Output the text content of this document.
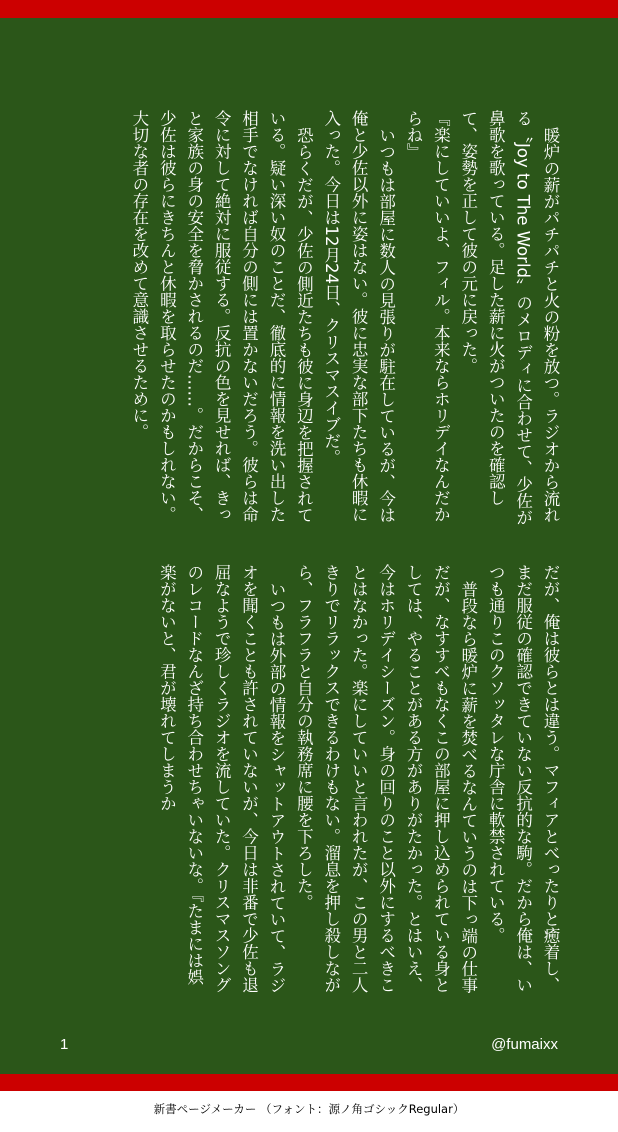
暖炉の薪がパチパチと火の粉を放つ。ラジオから流れる〝Joy to The World〟のメロディに合わせて、少佐が鼻歌を歌っている。足した薪に火がついたのを確認して、姿勢を正して彼の元に戻った。

『楽にしていいよ、フィル。本来ならホリデイなんだからね』

いつもは部屋に数人の見張りが駐在しているが、今は俺と少佐以外に姿はない。彼に忠実な部下たちも休暇に入った。今日は12月24日、クリスマスイブだ。

恐らくだが、少佐の側近たちも彼に身辺を把握されている。疑い深い奴のことだ、徹底的に情報を洗い出した相手でなければ自分の側には置かないだろう。彼らは命令に対して絶対に服従する。反抗の色を見せれば、きっと家族の身の安全を脅かされるのだ……。だからこそ、少佐は彼らにきちんと休暇を取らせたのかもしれない。大切な者の存在を改めて意識させるために。

だが、俺は彼らとは違う。マフィアとべったりと癒着し、まだ服従の確認できていない反抗的な駒。だから俺は、いつも通りこのクソッタレな庁舎に軟禁されている。

普段なら暖炉に薪を焚べるなんていうのは下っ端の仕事だが、なすすべもなくこの部屋に押し込められている身としては、やることがある方がありがたかった。とはいえ、今はホリデイシーズン。身の回りのこと以外にするべきことはなかった。楽にしていいと言われたが、この男と二人きりでリラックスできるわけもない。溜息を押し殺しながら、フラフラと自分の執務席に腰を下ろした。

いつもは外部の情報をシャットアウトされていて、ラジオを聞くことも許されていないが、今日は非番で少佐も退屈なようで珍しくラジオを流していた。クリスマスソングのレコードなんざ持ち合わせちゃいないな。『たまには娯楽がないと、君が壊れてしまうか

1	@fumaixx
新書ページメーカー （フォント：源ノ角ゴシックRegular）
